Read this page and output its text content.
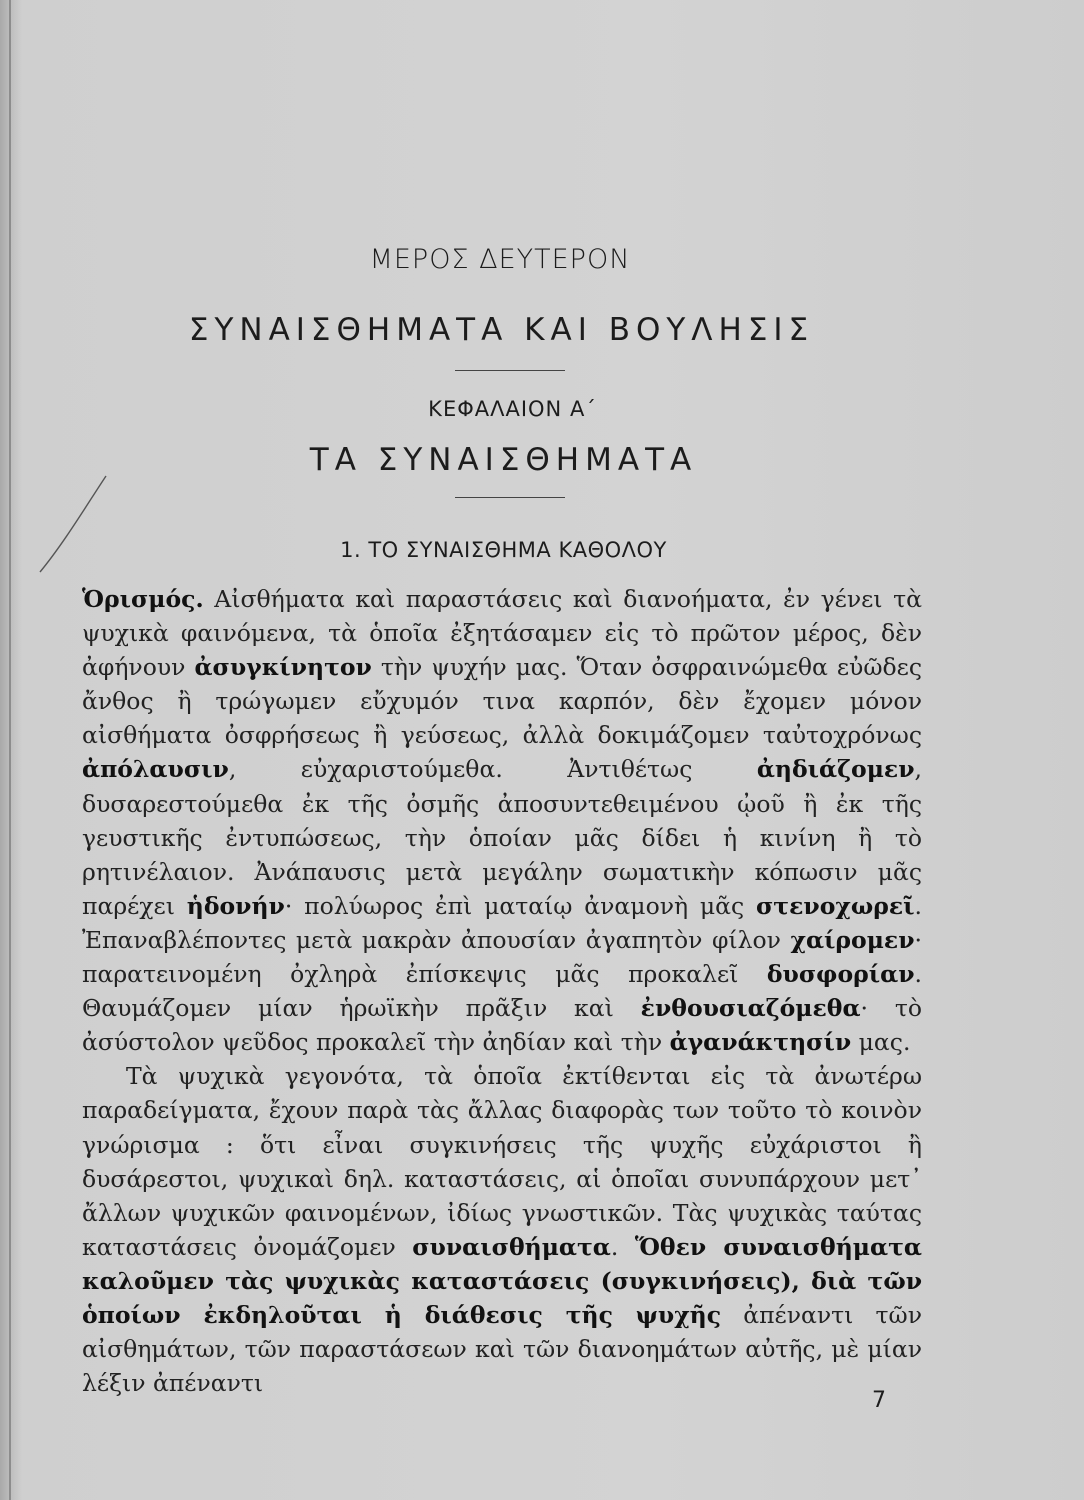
ΜΕΡΟΣ ΔΕΥΤΕΡΟΝ
ΣΥΝΑΙΣΘΗΜΑΤΑ ΚΑΙ ΒΟΥΛΗΣΙΣ
ΚΕΦΑΛΑΙΟΝ Α΄
ΤΑ ΣΥΝΑΙΣΘΗΜΑΤΑ
1. ΤΟ ΣΥΝΑΙΣΘΗΜΑ ΚΑΘΟΛΟΥ

Ὁρισμός. Αἰσθήματα καὶ παραστάσεις καὶ διανοήματα, ἐν γένει τὰ ψυχικὰ φαινόμενα, τὰ ὁποῖα ἐξητάσαμεν εἰς τὸ πρῶτον μέρος, δὲν ἀφήνουν ἀσυγκίνητον τὴν ψυχήν μας. Ὅταν ὀσφραινώμεθα εὐῶδες ἄνθος ἢ τρώγωμεν εὔχυμόν τινα καρπόν, δὲν ἔχομεν μόνον αἰσθήματα ὀσφρήσεως ἢ γεύσεως, ἀλλὰ δοκιμάζομεν ταὐτοχρόνως ἀπόλαυσιν, εὐχαριστούμεθα. Ἀντιθέτως ἀηδιάζομεν, δυσαρεστούμεθα ἐκ τῆς ὀσμῆς ἀποσυντεθειμένου ᾠοῦ ἢ ἐκ τῆς γευστικῆς ἐντυπώσεως, τὴν ὁποίαν μᾶς δίδει ἡ κινίνη ἢ τὸ ρητινέλαιον. Ἀνάπαυσις μετὰ μεγάλην σωματικὴν κόπωσιν μᾶς παρέχει ἡδονήν· πολύωρος ἐπὶ ματαίῳ ἀναμονὴ μᾶς στενοχωρεῖ. Ἐπαναβλέποντες μετὰ μακρὰν ἀπουσίαν ἀγαπητὸν φίλον χαίρομεν· παρατεινομένη ὀχληρὰ ἐπίσκεψις μᾶς προκαλεῖ δυσφορίαν. Θαυμάζομεν μίαν ἡρωϊκὴν πρᾶξιν καὶ ἐνθουσιαζόμεθα· τὸ ἀσύστολον ψεῦδος προκαλεῖ τὴν ἀηδίαν καὶ τὴν ἀγανάκτησίν μας.

Τὰ ψυχικὰ γεγονότα, τὰ ὁποῖα ἐκτίθενται εἰς τὰ ἀνωτέρω παραδείγματα, ἔχουν παρὰ τὰς ἄλλας διαφορὰς των τοῦτο τὸ κοινὸν γνώρισμα : ὅτι εἶναι συγκινήσεις τῆς ψυχῆς εὐχάριστοι ἢ δυσάρεστοι, ψυχικαὶ δηλ. καταστάσεις, αἱ ὁποῖαι συνυπάρχουν μετ᾽ ἄλλων ψυχικῶν φαινομένων, ἰδίως γνωστικῶν. Τὰς ψυχικὰς ταύτας καταστάσεις ὀνομάζομεν συναισθήματα. Ὅθεν συναισθήματα καλοῦμεν τὰς ψυχικὰς καταστάσεις (συγκινήσεις), διὰ τῶν ὁποίων ἐκδηλοῦται ἡ διάθεσις τῆς ψυχῆς ἀπέναντι τῶν αἰσθημάτων, τῶν παραστάσεων καὶ τῶν διανοημάτων αὐτῆς, μὲ μίαν λέξιν ἀπέναντι

7
